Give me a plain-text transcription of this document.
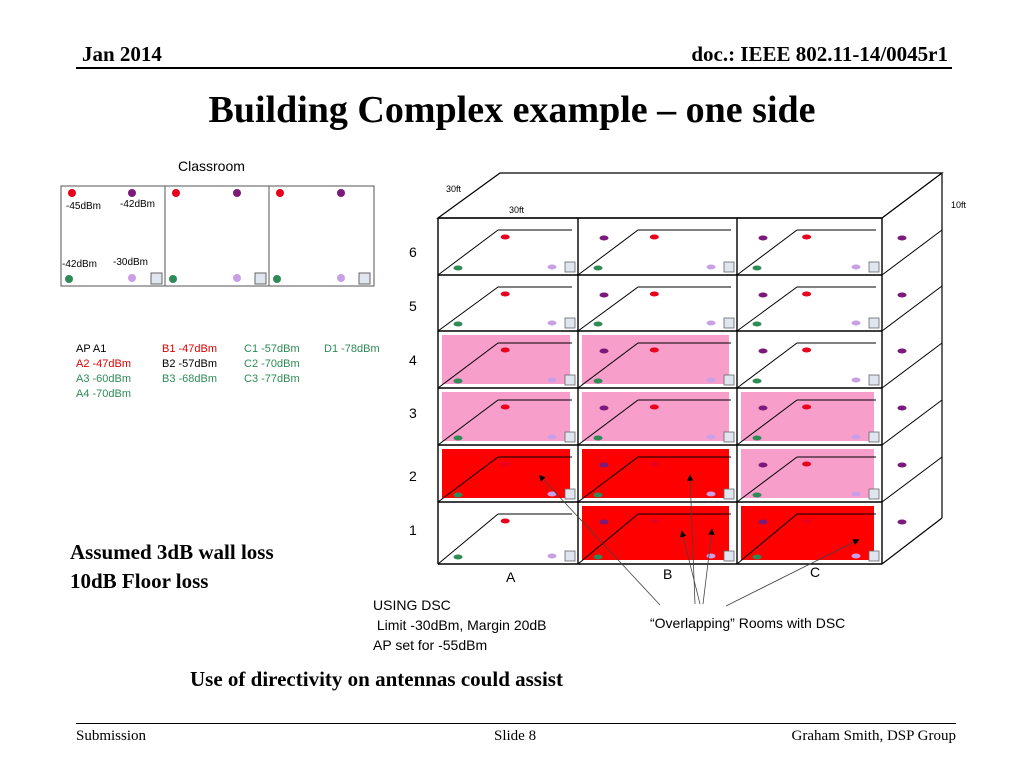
Jan 2014	doc.: IEEE 802.11-14/0045r1
Building Complex example – one side
Classroom
-45dBm -42dBm
-42dBm -30dBm
AP A1	B1 -47dBm C1 -57dBm D1 -78dBm
A2 -47dBm	B2 -57dBm C2 -70dBm
A3 -60dBm	B3 -68dBm C3 -77dBm
A4 -70dBm
Assumed 3dB wall loss
10dB Floor loss
30ft
30ft	10ft
6
5
4
3
2
1
A	B	C
USING DSC
Limit -30dBm, Margin 20dB
AP set for -55dBm
“Overlapping” Rooms with DSC
Use of directivity on antennas could assist
Submission	Slide 8	Graham Smith, DSP Group
